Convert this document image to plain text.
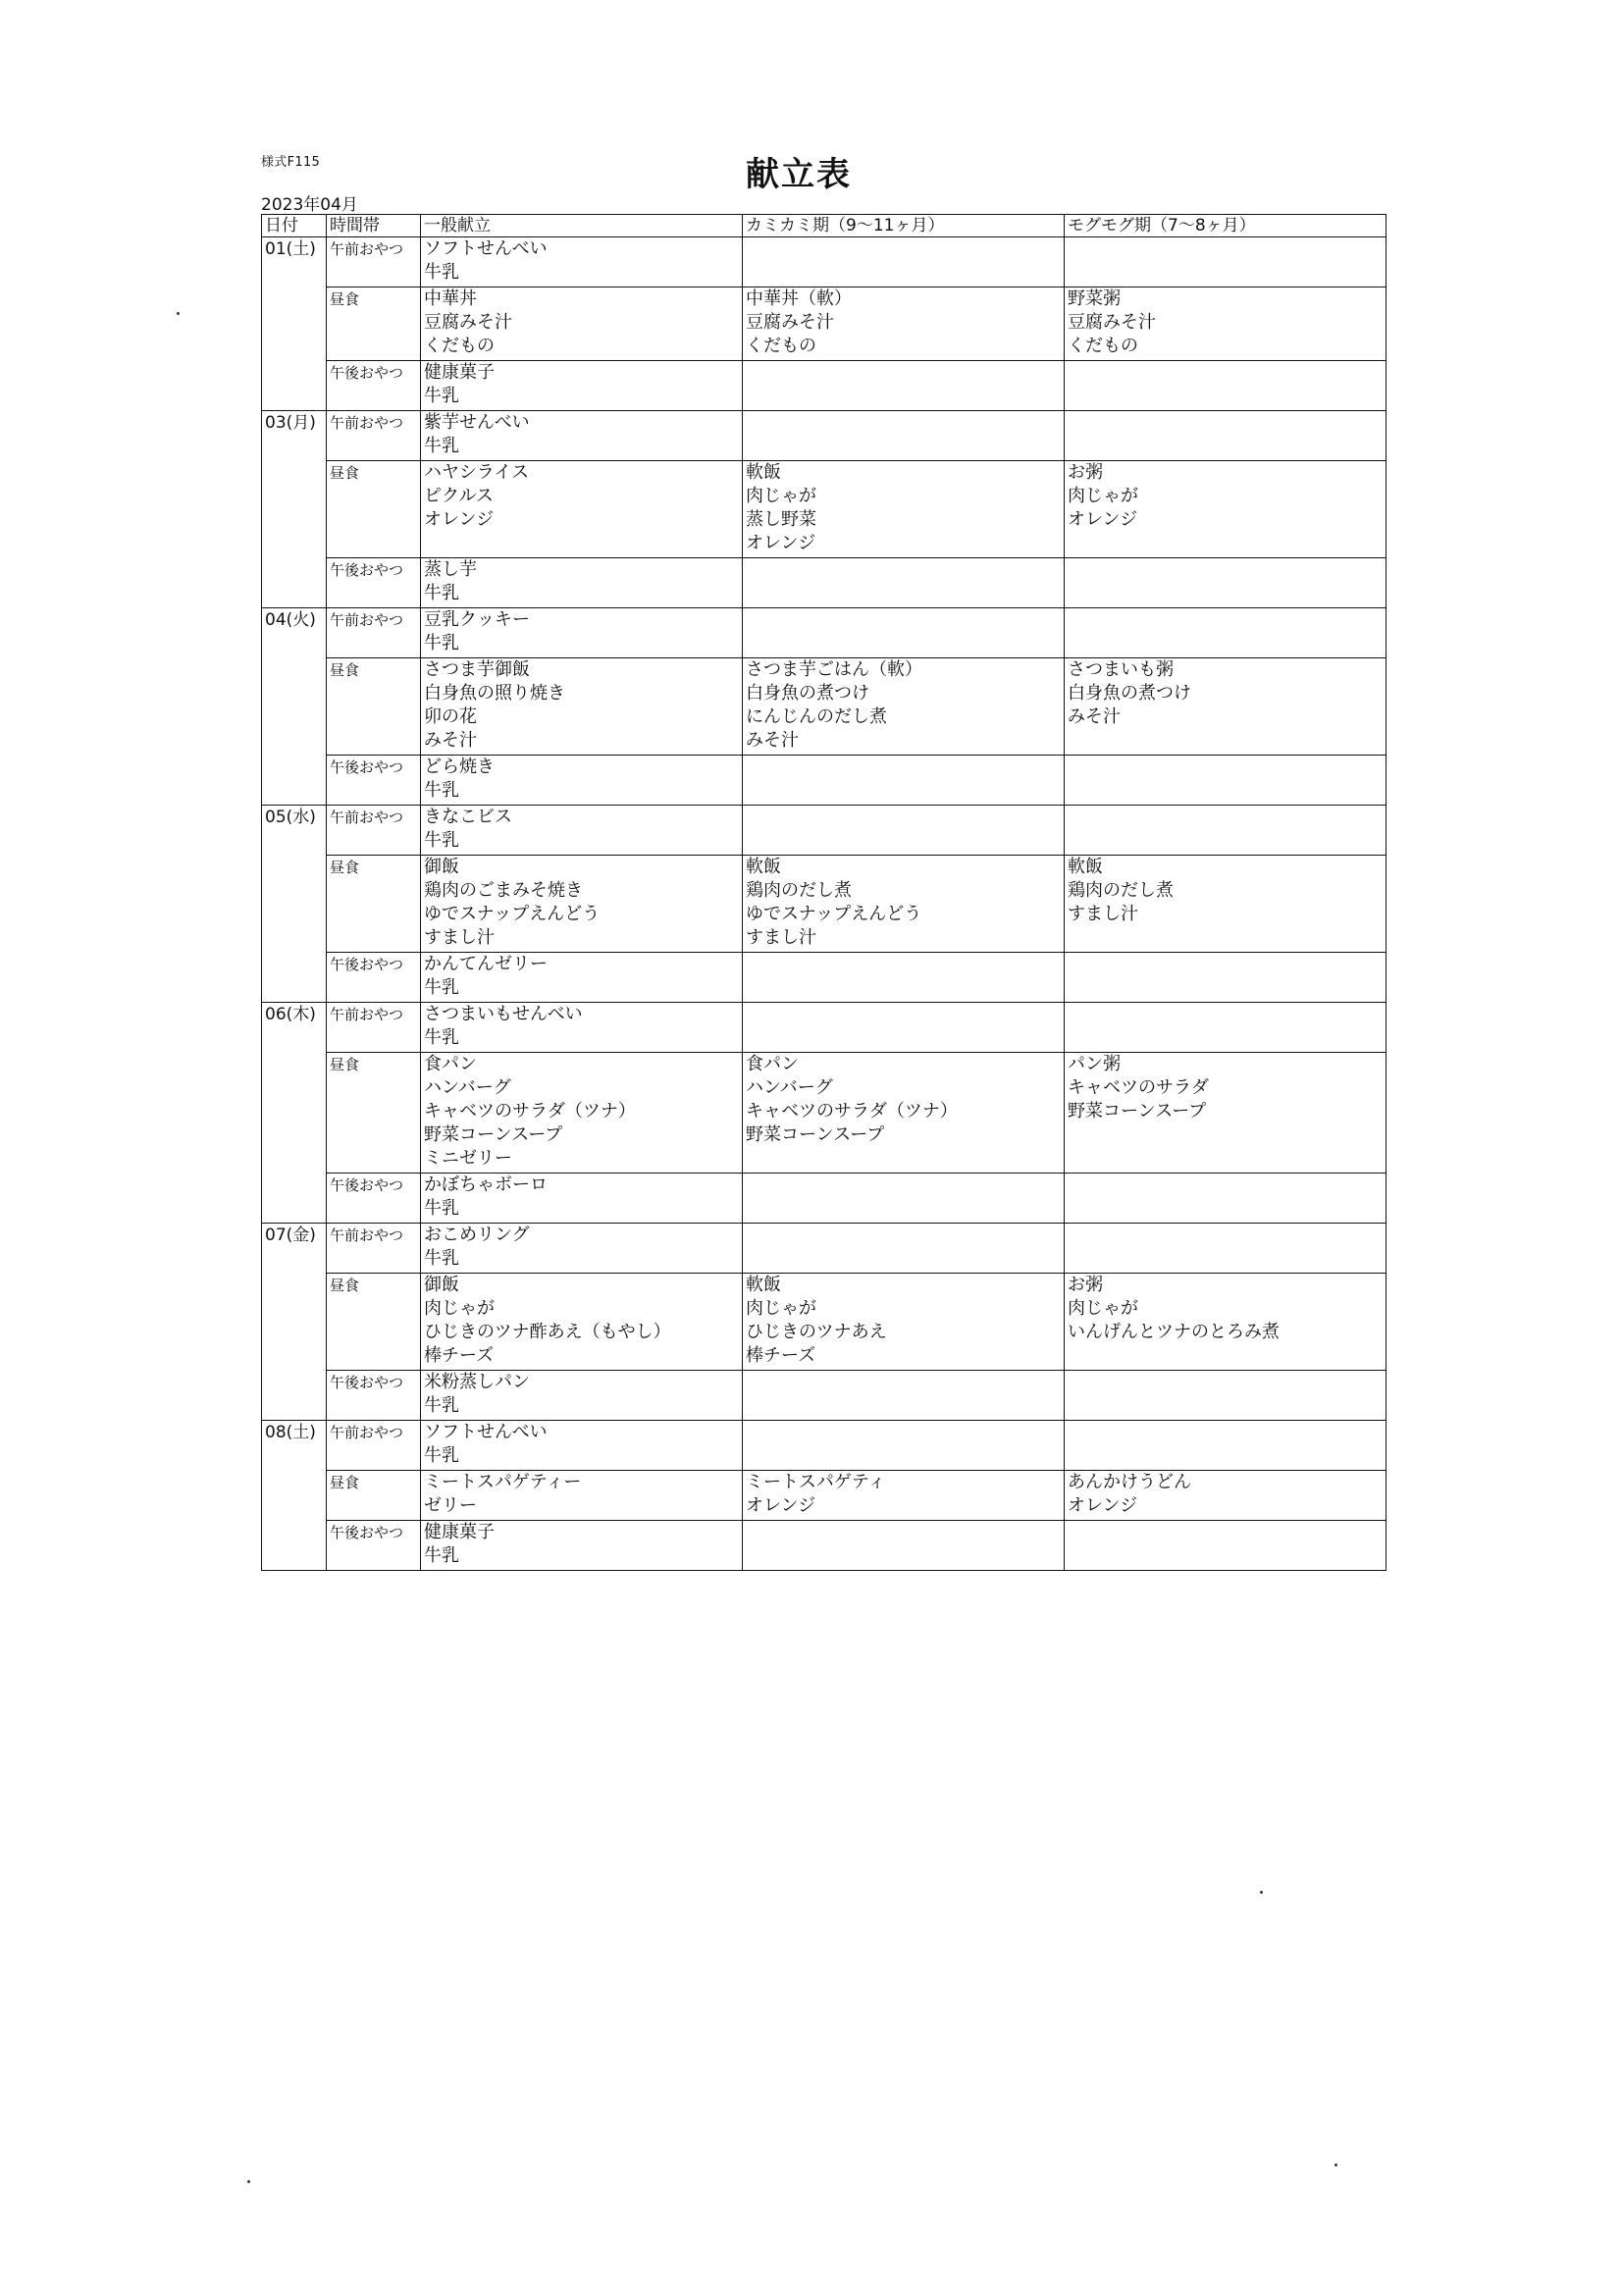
様式F115	献立表
2023年04月
日付	時間帯	一般献立	カミカミ期（9～11ヶ月）	モグモグ期（7～8ヶ月）
01(土)	午前おやつ	ソフトせんべい
牛乳		

	昼食	中華丼
豆腐みそ汁
くだもの	中華丼（軟）
豆腐みそ汁
くだもの	野菜粥
豆腐みそ汁
くだもの

	午後おやつ	健康菓子
牛乳		

03(月)	午前おやつ	紫芋せんべい
牛乳		

	昼食	ハヤシライス
ピクルス
オレンジ	軟飯
肉じゃが
蒸し野菜
オレンジ	お粥
肉じゃが
オレンジ

	午後おやつ	蒸し芋
牛乳		

04(火)	午前おやつ	豆乳クッキー
牛乳		

	昼食	さつま芋御飯
白身魚の照り焼き
卯の花
みそ汁	さつま芋ごはん（軟）
白身魚の煮つけ
にんじんのだし煮
みそ汁	さつまいも粥
白身魚の煮つけ
みそ汁

	午後おやつ	どら焼き
牛乳		

05(水)	午前おやつ	きなこビス
牛乳		

	昼食	御飯
鶏肉のごまみそ焼き
ゆでスナップえんどう
すまし汁	軟飯
鶏肉のだし煮
ゆでスナップえんどう
すまし汁	軟飯
鶏肉のだし煮
すまし汁

	午後おやつ	かんてんゼリー
牛乳		

06(木)	午前おやつ	さつまいもせんべい
牛乳		

	昼食	食パン
ハンバーグ
キャベツのサラダ（ツナ）
野菜コーンスープ
ミニゼリー	食パン
ハンバーグ
キャベツのサラダ（ツナ）
野菜コーンスープ	パン粥
キャベツのサラダ
野菜コーンスープ

	午後おやつ	かぼちゃボーロ
牛乳		

07(金)	午前おやつ	おこめリング
牛乳		

	昼食	御飯
肉じゃが
ひじきのツナ酢あえ（もやし）
棒チーズ	軟飯
肉じゃが
ひじきのツナあえ
棒チーズ	お粥
肉じゃが
いんげんとツナのとろみ煮

	午後おやつ	米粉蒸しパン
牛乳		

08(土)	午前おやつ	ソフトせんべい
牛乳		

	昼食	ミートスパゲティー
ゼリー	ミートスパゲティ
オレンジ	あんかけうどん
オレンジ

	午後おやつ	健康菓子
牛乳		
